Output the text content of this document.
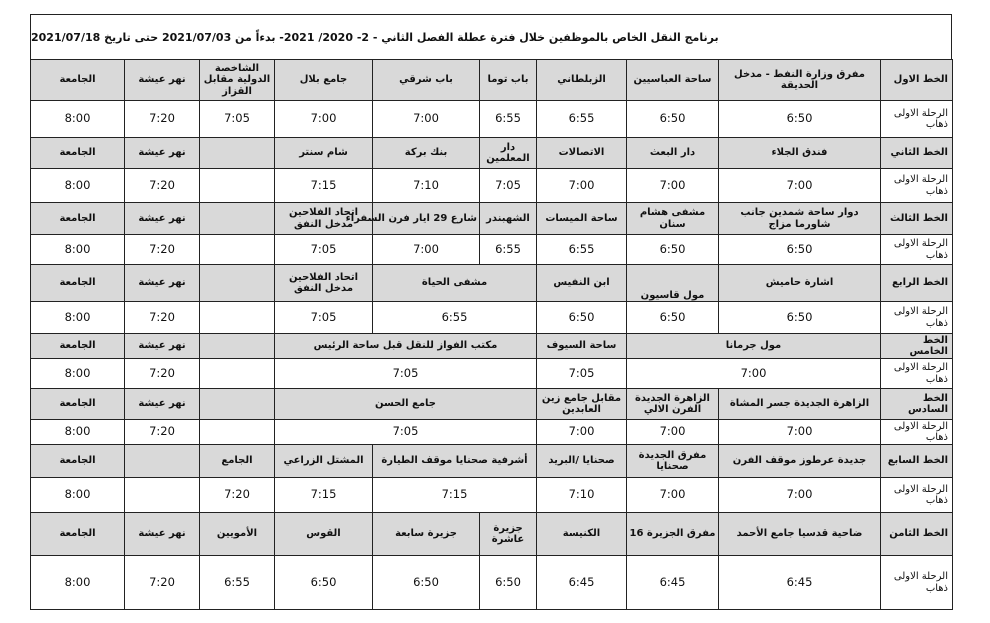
برنامج النقل الخاص بالموظفين خلال فترة عطلة الفصل الثاني - 2- 2020/ 2021- بدءاً من 2021/07/03 حتى تاريخ 2021/07/18
الخط الاول	مفرق وزارة النفط - مدخل الحديقة	ساحة العباسيين	الزبلطاني	باب توما	باب شرقي	جامع بلال	الشاخصة الدولية مقابل القزاز	نهر عيشة	الجامعة
الرحلة الاولى ذهاب	6:50	6:50	6:55	6:55	7:00	7:00	7:05	7:20	8:00
الخط الثاني	فندق الجلاء	دار البعث	الاتصالات	دار المعلمين	بنك بركة	شام سنتر		نهر عيشة	الجامعة
الرحلة الاولى ذهاب	7:00	7:00	7:00	7:05	7:10	7:15		7:20	8:00
الخط الثالث	دوار ساحة شمدين جانب شاورما مزاج	مشفى هشام سنان	ساحة الميسات	الشهبندر	شارع 29 ايار فرن السفراء	اتحاد الفلاحين مدخل النفق		نهر عيشة	الجامعة
الرحلة الاولى ذهاب	6:50	6:50	6:55	6:55	7:00	7:05		7:20	8:00
الخط الرابع	اشارة حاميش	مول قاسيون	ابن النفيس	مشفى الحياة		اتحاد الفلاحين مدخل النفق		نهر عيشة	الجامعة
الرحلة الاولى ذهاب	6:50	6:50	6:50	6:55		7:05		7:20	8:00
الخط الخامس	مول جرمانا		ساحة السيوف	مكتب الفواز للنقل قبل ساحة الرئيس				نهر عيشة	الجامعة
الرحلة الاولى ذهاب	7:00		7:05	7:05				7:20	8:00
الخط السادس	الزاهرة الجديدة جسر المشاة	الزاهرة الجديدة الفرن الالي	مقابل جامع زين العابدين	جامع الحسن				نهر عيشة	الجامعة
الرحلة الاولى ذهاب	7:00	7:00	7:00	7:05				7:20	8:00
الخط السابع	جديدة عرطوز موقف الفرن	مفرق الجديدة صحنايا	صحنايا /البريد	أشرفية صحنايا موقف الطيارة		المشتل الزراعي	الجامع		الجامعة
الرحلة الاولى ذهاب	7:00	7:00	7:10	7:15		7:15	7:20		8:00
الخط الثامن	ضاحية قدسيا جامع الأحمد	مفرق الجزيرة 16	الكنيسة	جزيرة عاشرة	جزيرة سابعة	القوس	الأمويين	نهر عيشة	الجامعة
الرحلة الاولى ذهاب	6:45	6:45	6:45	6:50	6:50	6:50	6:55	7:20	8:00
